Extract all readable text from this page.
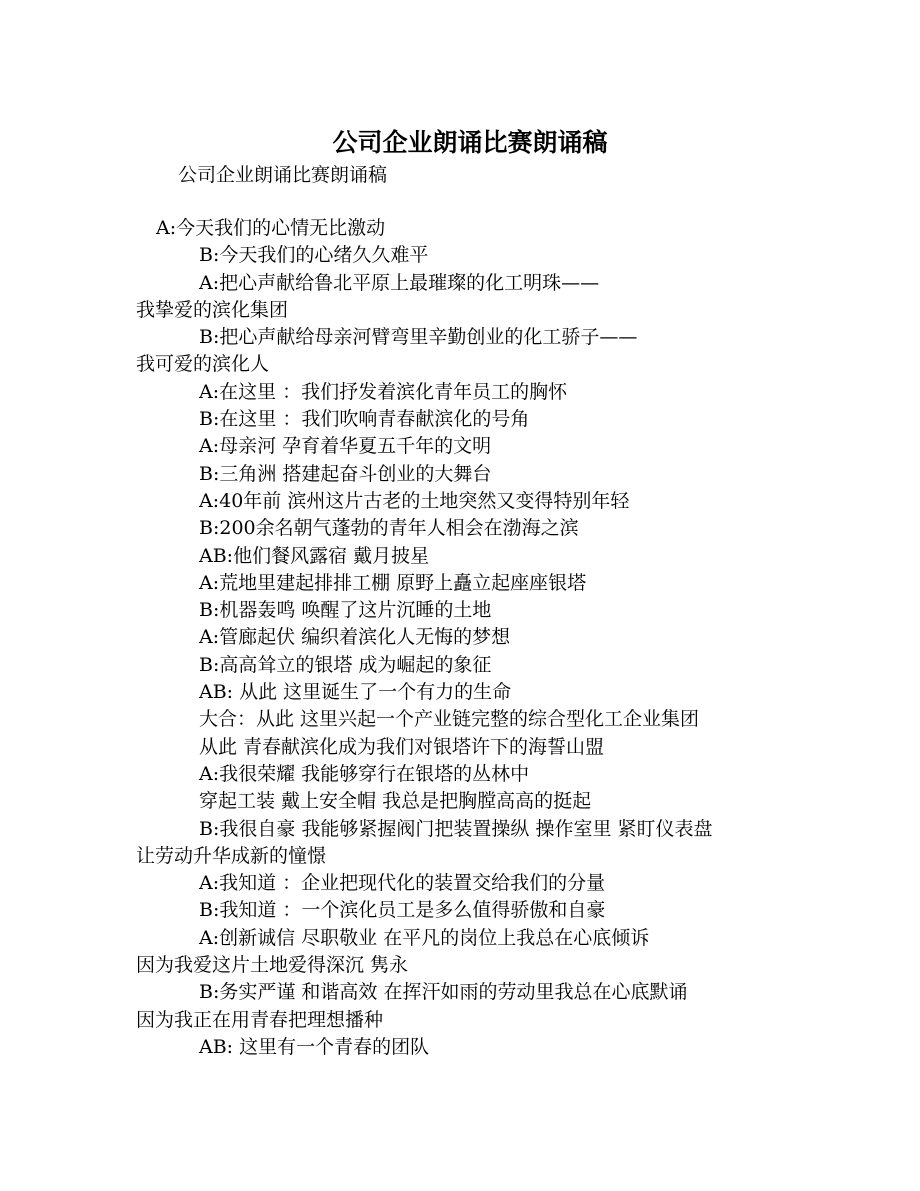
公司企业朗诵比赛朗诵稿
公司企业朗诵比赛朗诵稿
A:今天我们的心情无比激动
B:今天我们的心绪久久难平
A:把心声献给鲁北平原上最璀璨的化工明珠——
我挚爱的滨化集团
B:把心声献给母亲河臂弯里辛勤创业的化工骄子——
我可爱的滨化人
A:在这里 ：我们抒发着滨化青年员工的胸怀
B:在这里 ：我们吹响青春献滨化的号角
A:母亲河 孕育着华夏五千年的文明
B:三角洲 搭建起奋斗创业的大舞台
A:40年前 滨州这片古老的土地突然又变得特别年轻
B:200余名朝气蓬勃的青年人相会在渤海之滨
AB:他们餐风露宿 戴月披星
A:荒地里建起排排工棚 原野上矗立起座座银塔
B:机器轰鸣 唤醒了这片沉睡的土地
A:管廊起伏 编织着滨化人无悔的梦想
B:高高耸立的银塔 成为崛起的象征
AB: 从此 这里诞生了一个有力的生命
大合：从此 这里兴起一个产业链完整的综合型化工企业集团
从此 青春献滨化成为我们对银塔许下的海誓山盟
A:我很荣耀 我能够穿行在银塔的丛林中
穿起工装 戴上安全帽 我总是把胸膛高高的挺起
B:我很自豪 我能够紧握阀门把装置操纵 操作室里 紧盯仪表盘
让劳动升华成新的憧憬
A:我知道 ：企业把现代化的装置交给我们的分量
B:我知道 ：一个滨化员工是多么值得骄傲和自豪
A:创新诚信 尽职敬业 在平凡的岗位上我总在心底倾诉
因为我爱这片土地爱得深沉 隽永
B:务实严谨 和谐高效 在挥汗如雨的劳动里我总在心底默诵
因为我正在用青春把理想播种
AB: 这里有一个青春的团队
